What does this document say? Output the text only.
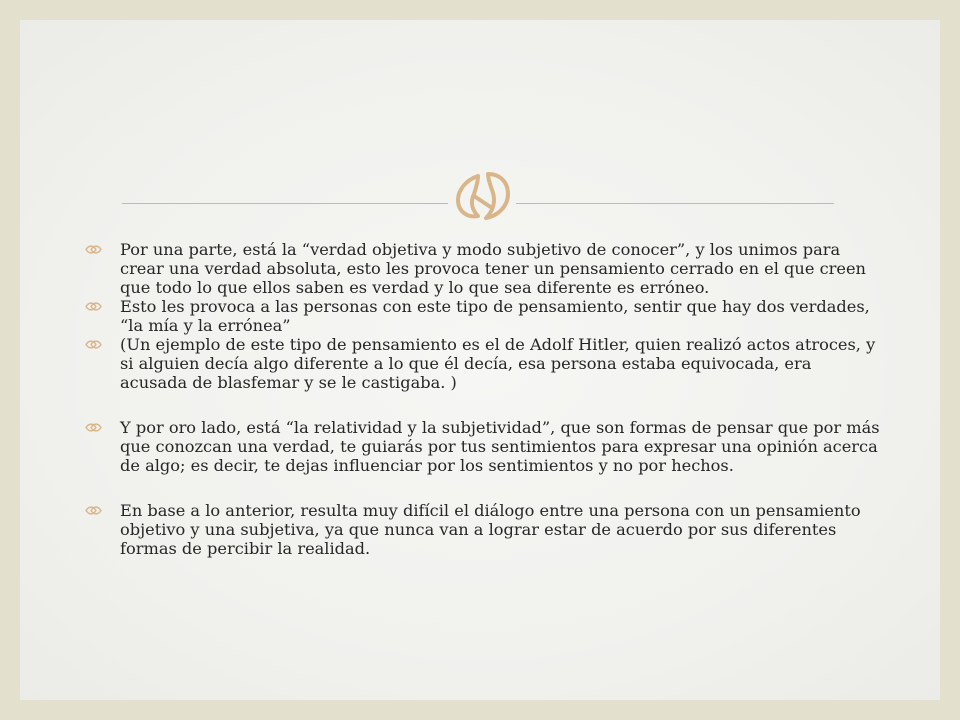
Por una parte, está la “verdad objetiva y modo subjetivo de conocer”, y los unimos para crear una verdad absoluta, esto les provoca tener un pensamiento cerrado en el que creen que todo lo que ellos saben es verdad y lo que sea diferente es erróneo.
Esto les provoca a las personas con este tipo de pensamiento, sentir que hay dos verdades, “la mía y la errónea”
(Un ejemplo de este tipo de pensamiento es el de Adolf Hitler, quien realizó actos atroces, y si alguien decía algo diferente a lo que él decía, esa persona estaba equivocada, era acusada de blasfemar y se le castigaba. )
Y por oro lado, está “la relatividad y la subjetividad”, que son formas de pensar que por más que conozcan una verdad, te guiarás por tus sentimientos para expresar una opinión acerca de algo; es decir, te dejas influenciar por los sentimientos y no por hechos.
En base a lo anterior, resulta muy difícil el diálogo entre una persona con un pensamiento objetivo y una subjetiva, ya que nunca van a lograr estar de acuerdo por sus diferentes formas de percibir la realidad.
